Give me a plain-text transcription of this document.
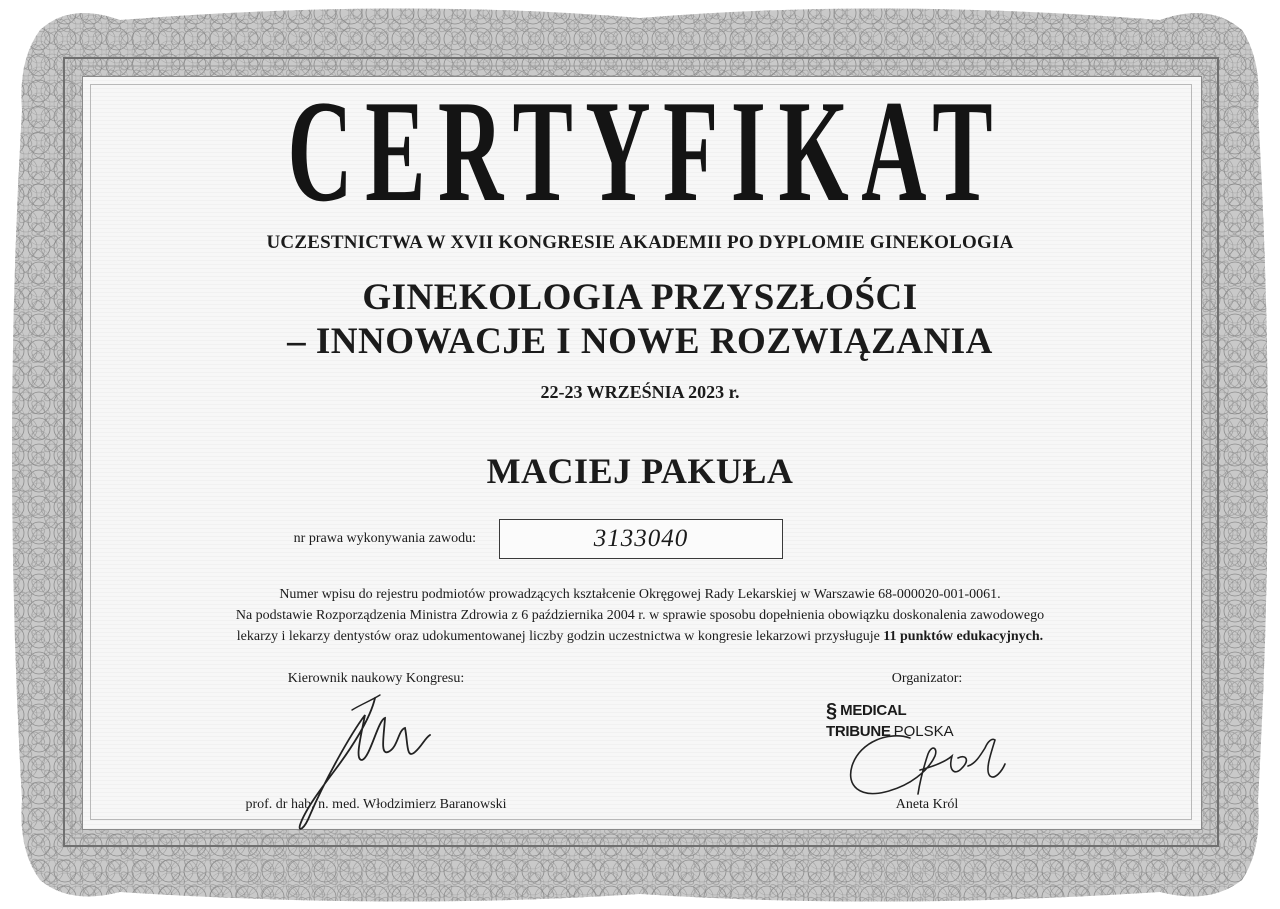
CERTYFIKAT
UCZESTNICTWA W XVII KONGRESIE AKADEMII PO DYPLOMIE GINEKOLOGIA
GINEKOLOGIA PRZYSZŁOŚCI
– INNOWACJE I NOWE ROZWIĄZANIA
22-23 WRZEŚNIA 2023 r.
MACIEJ PAKUŁA
nr prawa wykonywania zawodu:	3133040
Numer wpisu do rejestru podmiotów prowadzących kształcenie Okręgowej Rady Lekarskiej w Warszawie 68-000020-001-0061.
Na podstawie Rozporządzenia Ministra Zdrowia z 6 października 2004 r. w sprawie sposobu dopełnienia obowiązku doskonalenia zawodowego
lekarzy i lekarzy dentystów oraz udokumentowanej liczby godzin uczestnictwa w kongresie lekarzowi przysługuje 11 punktów edukacyjnych.
Kierownik naukowy Kongresu:
prof. dr hab. n. med. Włodzimierz Baranowski
Organizator:
§ MEDICAL TRIBUNE POLSKA
Aneta Król
